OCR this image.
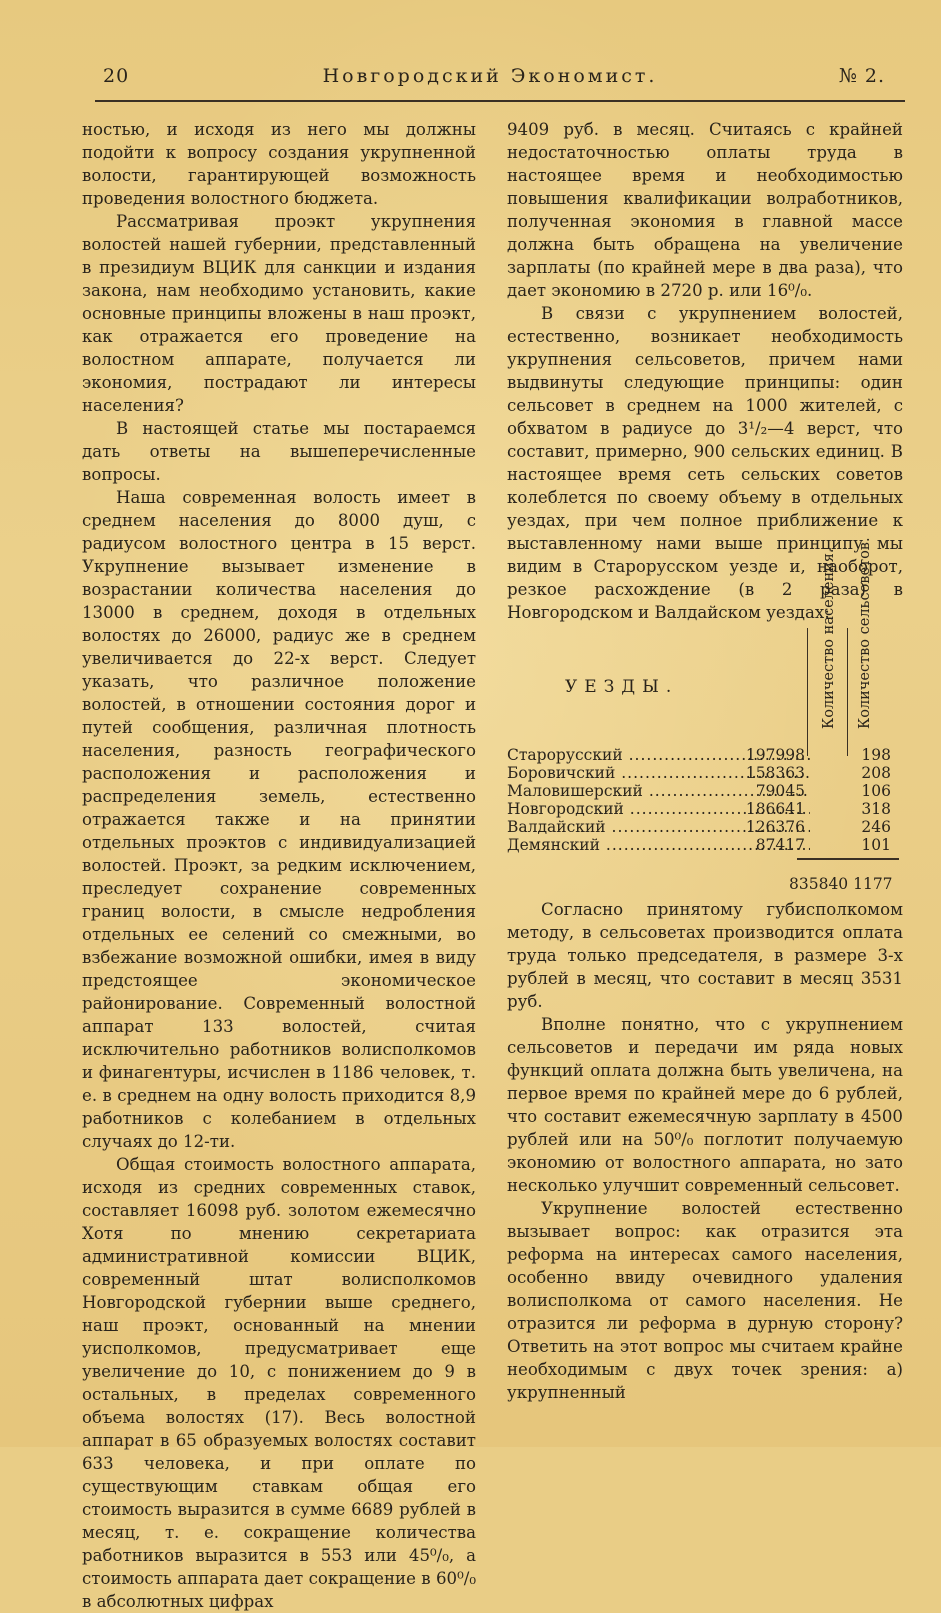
20	Новгородский Экономист.	№ 2.

ностью, и исходя из него мы должны подойти к вопросу создания укрупненной волости, гарантирующей возможность проведения волостного бюджета.

Рассматривая проэкт укрупнения волостей нашей губернии, представленный в президиум ВЦИК для санкции и издания закона, нам необходимо установить, какие основные принципы вложены в наш проэкт, как отражается его проведение на волостном аппарате, получается ли экономия, пострадают ли интересы населения?

В настоящей статье мы постараемся дать ответы на вышеперечисленные вопросы.

Наша современная волость имеет в среднем населения до 8000 душ, с радиусом волостного центра в 15 верст. Укрупнение вызывает изменение в возрастании количества населения до 13000 в среднем, доходя в отдельных волостях до 26000, радиус же в среднем увеличивается до 22-х верст. Следует указать, что различное положение волостей, в отношении состояния дорог и путей сообщения, различная плотность населения, разность географического расположения и расположения и распределения земель, естественно отражается также и на принятии отдельных проэктов с индивидуализацией волостей. Проэкт, за редким исключением, преследует сохранение современных границ волости, в смысле недробления отдельных ее селений со смежными, во взбежание возможной ошибки, имея в виду предстоящее экономическое районирование. Современный волостной аппарат 133 волостей, считая исключительно работников волисполкомов и финагентуры, исчислен в 1186 человек, т. е. в среднем на одну волость приходится 8,9 работников с колебанием в отдельных случаях до 12-ти.

Общая стоимость волостного аппарата, исходя из средних современных ставок, составляет 16098 руб. золотом ежемесячно Хотя по мнению секретариата административной комиссии ВЦИК, современный штат волисполкомов Новгородской губернии выше среднего, наш проэкт, основанный на мнении уисполкомов, предусматривает еще увеличение до 10, с понижением до 9 в остальных, в пределах современного объема волостях (17). Весь волостной аппарат в 65 образуемых волостях составит 633 человека, и при оплате по существующим ставкам общая его стоимость выразится в сумме 6689 рублей в месяц, т. е. сокращение количества работников выразится в 553 или 45⁰/₀, а стоимость аппарата дает сокращение в 60⁰/₀ в абсолютных цифрах

9409 руб. в месяц. Считаясь с крайней недостаточностью оплаты труда в настоящее время и необходимостью повышения квалификации волработников, полученная экономия в главной массе должна быть обращена на увеличение зарплаты (по крайней мере в два раза), что дает экономию в 2720 р. или 16⁰/₀.

В связи с укрупнением волостей, естественно, возникает необходимость укрупнения сельсоветов, причем нами выдвинуты следующие принципы: один сельсовет в среднем на 1000 жителей, с обхватом в радиусе до 3¹/₂—4 верст, что составит, примерно, 900 сельских единиц. В настоящее время сеть сельских советов колеблется по своему объему в отдельных уездах, при чем полное приближение к выставленному нами выше принципу мы видим в Старорусском уезде и, наоборот, резкое расхождение (в 2 раза) в Новгородском и Валдайском уездах:

УЕЗДЫ.	Количество населения. Количество сельсоветов.
Старорусский .....	197998	198
Боровичский .....	158363	208
Маловишерский .....	79045	106
Новгородский .....	186641	318
Валдайский .....	126376	246
Демянский .....	87417	101
835840 1177

Согласно принятому губисполкомом методу, в сельсоветах производится оплата труда только председателя, в размере 3-х рублей в месяц, что составит в месяц 3531 руб.

Вполне понятно, что с укрупнением сельсоветов и передачи им ряда новых функций оплата должна быть увеличена, на первое время по крайней мере до 6 рублей, что составит ежемесячную зарплату в 4500 рублей или на 50⁰/₀ поглотит получаемую экономию от волостного аппарата, но зато несколько улучшит современный сельсовет.

Укрупнение волостей естественно вызывает вопрос: как отразится эта реформа на интересах самого населения, особенно ввиду очевидного удаления волисполкома от самого населения. Не отразится ли реформа в дурную сторону? Ответить на этот вопрос мы считаем крайне необходимым с двух точек зрения: а) укрупненный
